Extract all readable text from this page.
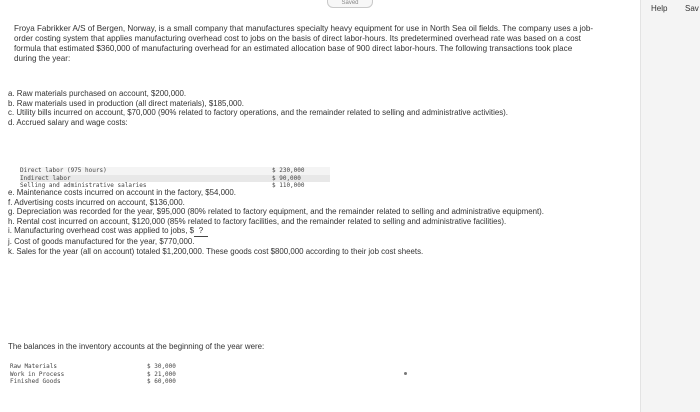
Saved
Froya Fabrikker A/S of Bergen, Norway, is a small company that manufactures specialty heavy equipment for use in North Sea oil fields. The company uses a job-order costing system that applies manufacturing overhead cost to jobs on the basis of direct labor-hours. Its predetermined overhead rate was based on a cost formula that estimated $360,000 of manufacturing overhead for an estimated allocation base of 900 direct labor-hours. The following transactions took place during the year:
a. Raw materials purchased on account, $200,000.
b. Raw materials used in production (all direct materials), $185,000.
c. Utility bills incurred on account, $70,000 (90% related to factory operations, and the remainder related to selling and administrative activities).
d. Accrued salary and wage costs:
Direct labor (975 hours)	$ 230,000
Indirect labor	$ 90,000
Selling and administrative salaries	$ 110,000
e. Maintenance costs incurred on account in the factory, $54,000.
f. Advertising costs incurred on account, $136,000.
g. Depreciation was recorded for the year, $95,000 (80% related to factory equipment, and the remainder related to selling and administrative equipment).
h. Rental cost incurred on account, $120,000 (85% related to factory facilities, and the remainder related to selling and administrative facilities).
i. Manufacturing overhead cost was applied to jobs, $ ?
j. Cost of goods manufactured for the year, $770,000.
k. Sales for the year (all on account) totaled $1,200,000. These goods cost $800,000 according to their job cost sheets.
The balances in the inventory accounts at the beginning of the year were:
Raw Materials	$ 30,000
Work in Process	$ 21,000
Finished Goods	$ 60,000
Help Sav
